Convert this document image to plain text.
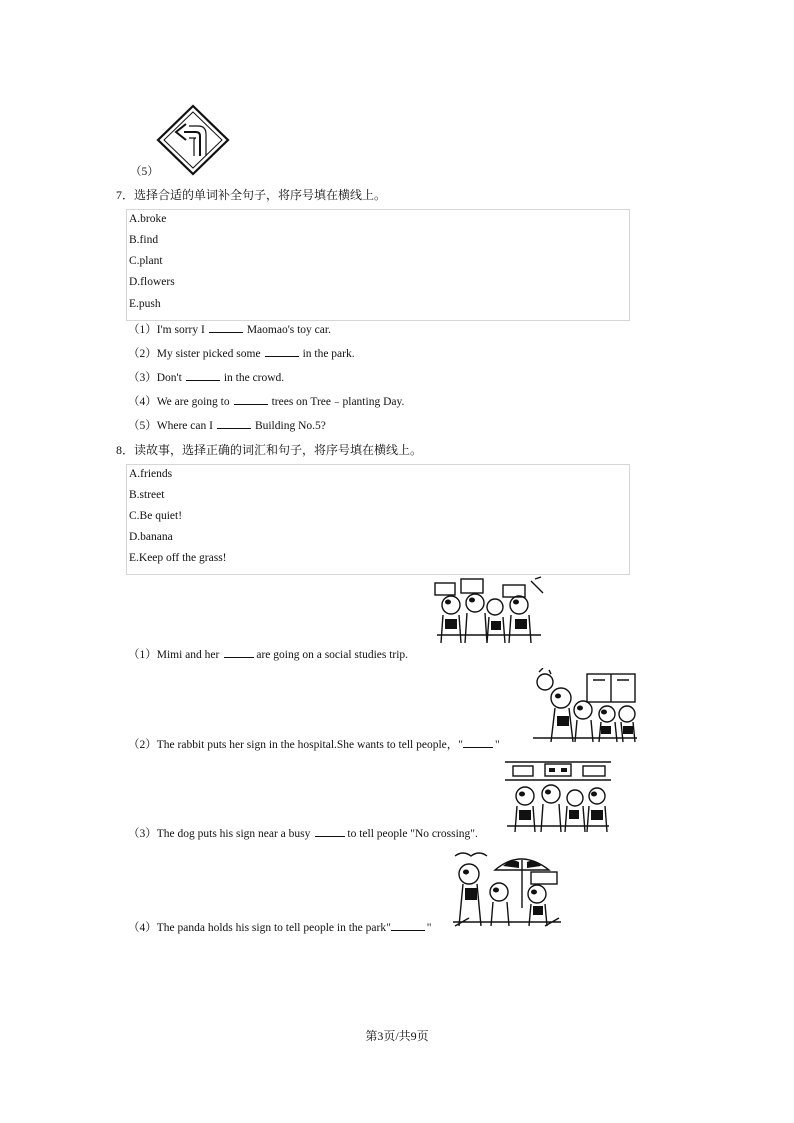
（5）
7．选择合适的单词补全句子，将序号填在横线上。
A.broke
B.find
C.plant
D.flowers
E.push
（1）I'm sorry I	Maomao's toy car.
（2）My sister picked some	in the park.
（3）Don't	in the crowd.
（4）We are going to	trees on Tree﹣planting Day.
（5）Where can I	Building No.5?
8．读故事，选择正确的词汇和句子，将序号填在横线上。
A.friends
B.street
C.Be quiet!
D.banana
E.Keep off the grass!
（1）Mimi and her	are going on a social studies trip.
（2）The rabbit puts her sign in the hospital.She wants to tell people，"	"
（3）The dog puts his sign near a busy	to tell people "No crossing".
（4）The panda holds his sign to tell people in the park"	"
第3页/共9页
